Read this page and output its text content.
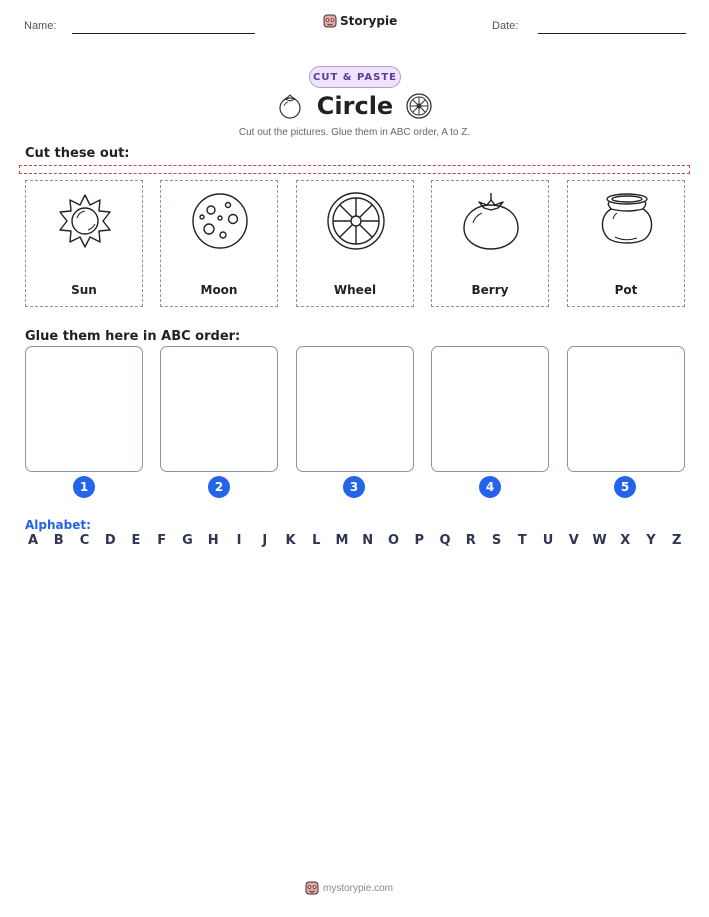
Name:	Storypie	Date:
CUT & PASTE
Circle
Cut out the pictures. Glue them in ABC order, A to Z.
Cut these out:
Sun	Moon	Wheel	Berry	Pot
Glue them here in ABC order:
1	2	3	4	5
Alphabet:
A B C D E F G H	I	J	K L M N O P Q R S T U V W X Y Z
mystorypie.com
